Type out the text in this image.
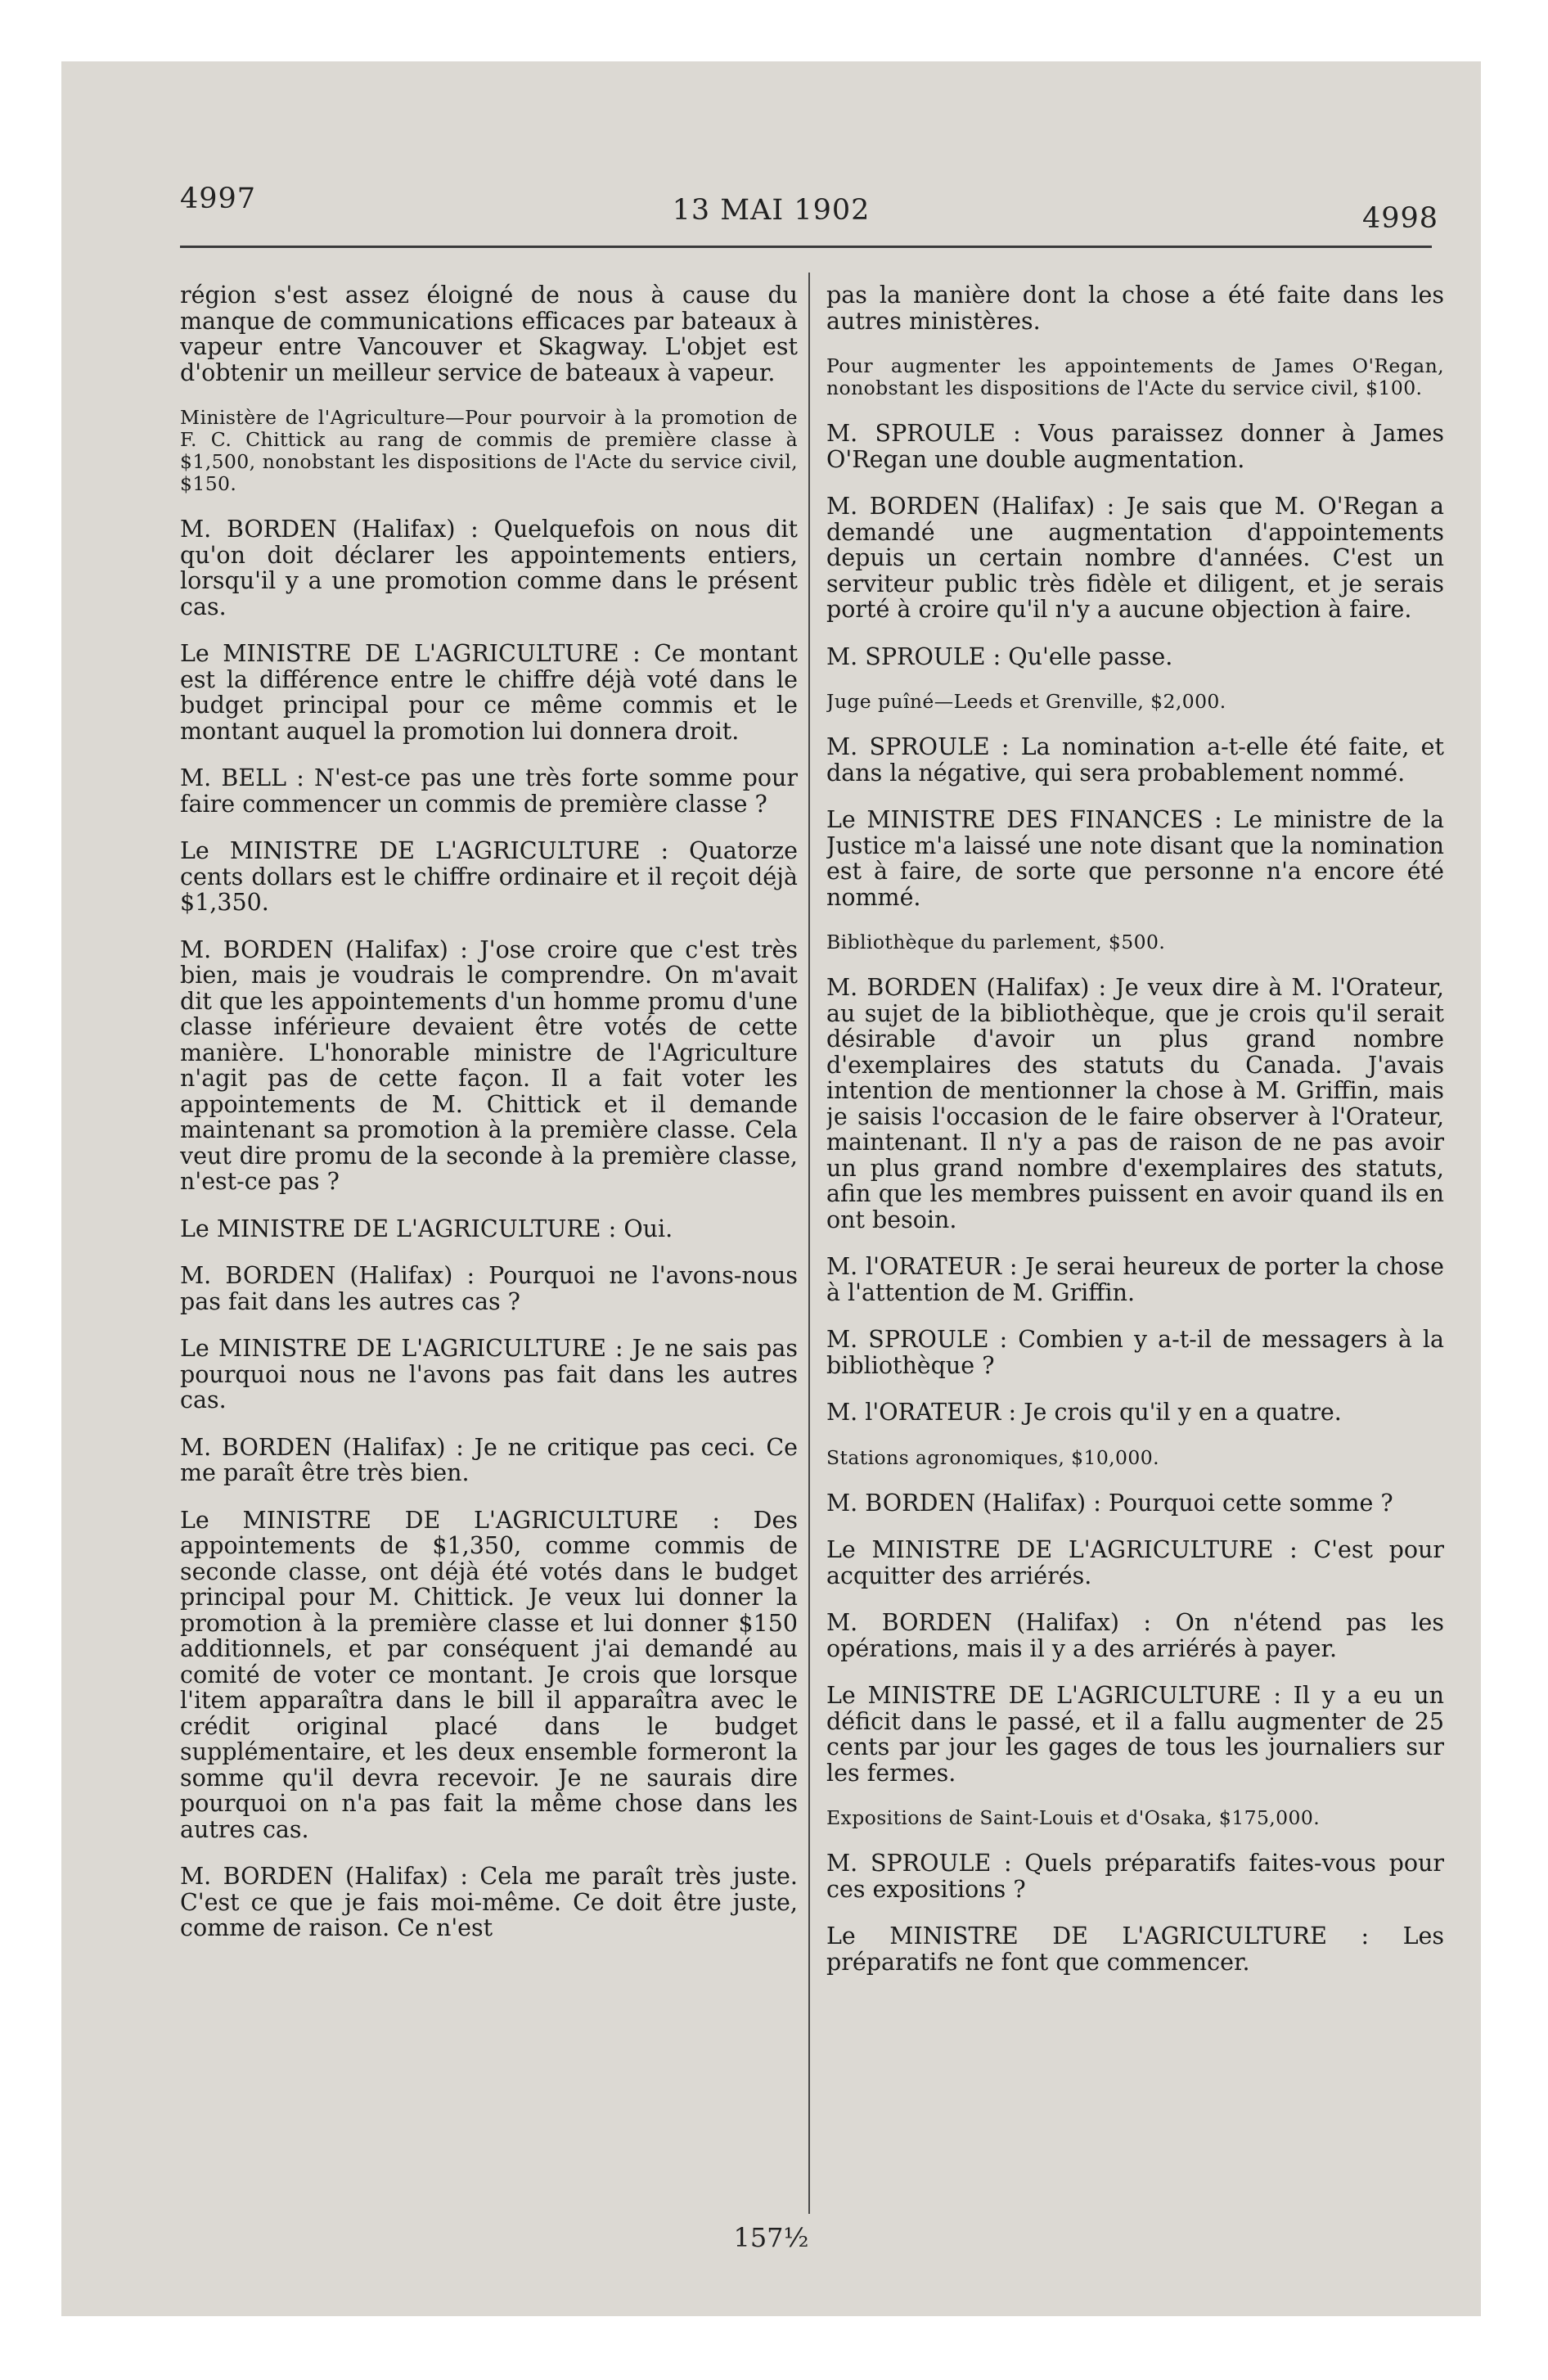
4997	13 MAI 1902	4998

région s'est assez éloigné de nous à cause du manque de communications efficaces par bateaux à vapeur entre Vancouver et Skagway. L'objet est d'obtenir un meilleur service de bateaux à vapeur.

Ministère de l'Agriculture—Pour pourvoir à la promotion de F. C. Chittick au rang de commis de première classe à $1,500, nonobstant les dispositions de l'Acte du service civil, $150.

M. BORDEN (Halifax) : Quelquefois on nous dit qu'on doit déclarer les appointements entiers, lorsqu'il y a une promotion comme dans le présent cas.

Le MINISTRE DE L'AGRICULTURE : Ce montant est la différence entre le chiffre déjà voté dans le budget principal pour ce même commis et le montant auquel la promotion lui donnera droit.

M. BELL : N'est-ce pas une très forte somme pour faire commencer un commis de première classe ?

Le MINISTRE DE L'AGRICULTURE : Quatorze cents dollars est le chiffre ordinaire et il reçoit déjà $1,350.

M. BORDEN (Halifax) : J'ose croire que c'est très bien, mais je voudrais le comprendre. On m'avait dit que les appointements d'un homme promu d'une classe inférieure devaient être votés de cette manière. L'honorable ministre de l'Agriculture n'agit pas de cette façon. Il a fait voter les appointements de M. Chittick et il demande maintenant sa promotion à la première classe. Cela veut dire promu de la seconde à la première classe, n'est-ce pas ?

Le MINISTRE DE L'AGRICULTURE : Oui.

M. BORDEN (Halifax) : Pourquoi ne l'avons-nous pas fait dans les autres cas ?

Le MINISTRE DE L'AGRICULTURE : Je ne sais pas pourquoi nous ne l'avons pas fait dans les autres cas.

M. BORDEN (Halifax) : Je ne critique pas ceci. Ce me paraît être très bien.

Le MINISTRE DE L'AGRICULTURE : Des appointements de $1,350, comme commis de seconde classe, ont déjà été votés dans le budget principal pour M. Chittick. Je veux lui donner la promotion à la première classe et lui donner $150 additionnels, et par conséquent j'ai demandé au comité de voter ce montant. Je crois que lorsque l'item apparaîtra dans le bill il apparaîtra avec le crédit original placé dans le budget supplémentaire, et les deux ensemble formeront la somme qu'il devra recevoir. Je ne saurais dire pourquoi on n'a pas fait la même chose dans les autres cas.

M. BORDEN (Halifax) : Cela me paraît très juste. C'est ce que je fais moi-même. Ce doit être juste, comme de raison. Ce n'est

pas la manière dont la chose a été faite dans les autres ministères.

Pour augmenter les appointements de James O'Regan, nonobstant les dispositions de l'Acte du service civil, $100.

M. SPROULE : Vous paraissez donner à James O'Regan une double augmentation.

M. BORDEN (Halifax) : Je sais que M. O'Regan a demandé une augmentation d'appointements depuis un certain nombre d'années. C'est un serviteur public très fidèle et diligent, et je serais porté à croire qu'il n'y a aucune objection à faire.

M. SPROULE : Qu'elle passe.

Juge puîné—Leeds et Grenville, $2,000.

M. SPROULE : La nomination a-t-elle été faite, et dans la négative, qui sera probablement nommé.

Le MINISTRE DES FINANCES : Le ministre de la Justice m'a laissé une note disant que la nomination est à faire, de sorte que personne n'a encore été nommé.

Bibliothèque du parlement, $500.

M. BORDEN (Halifax) : Je veux dire à M. l'Orateur, au sujet de la bibliothèque, que je crois qu'il serait désirable d'avoir un plus grand nombre d'exemplaires des statuts du Canada. J'avais intention de mentionner la chose à M. Griffin, mais je saisis l'occasion de le faire observer à l'Orateur, maintenant. Il n'y a pas de raison de ne pas avoir un plus grand nombre d'exemplaires des statuts, afin que les membres puissent en avoir quand ils en ont besoin.

M. l'ORATEUR : Je serai heureux de porter la chose à l'attention de M. Griffin.

M. SPROULE : Combien y a-t-il de messagers à la bibliothèque ?

M. l'ORATEUR : Je crois qu'il y en a quatre.

Stations agronomiques, $10,000.

M. BORDEN (Halifax) : Pourquoi cette somme ?

Le MINISTRE DE L'AGRICULTURE : C'est pour acquitter des arriérés.

M. BORDEN (Halifax) : On n'étend pas les opérations, mais il y a des arriérés à payer.

Le MINISTRE DE L'AGRICULTURE : Il y a eu un déficit dans le passé, et il a fallu augmenter de 25 cents par jour les gages de tous les journaliers sur les fermes.

Expositions de Saint-Louis et d'Osaka, $175,000.

M. SPROULE : Quels préparatifs faites-vous pour ces expositions ?

Le MINISTRE DE L'AGRICULTURE : Les préparatifs ne font que commencer.

157½
